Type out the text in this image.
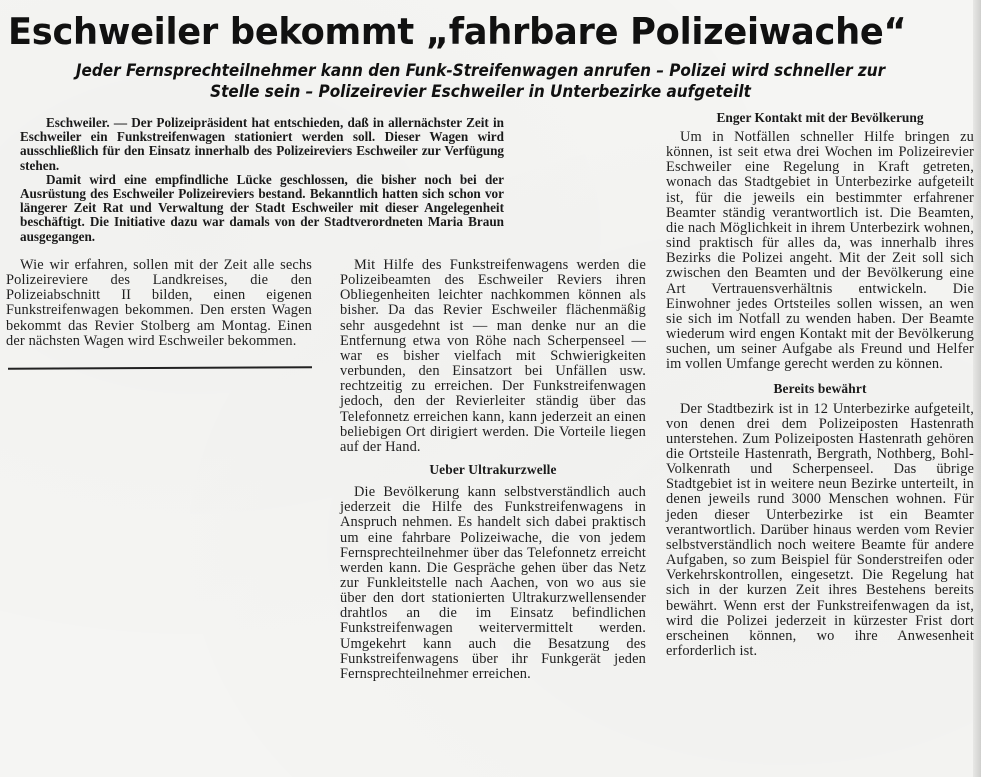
Eschweiler bekommt „fahrbare Polizeiwache“
Jeder Fernsprechteilnehmer kann den Funk-Streifenwagen anrufen – Polizei wird schneller zur
Stelle sein – Polizeirevier Eschweiler in Unterbezirke aufgeteilt

Eschweiler. — Der Polizeipräsident hat entschieden, daß in allernächster Zeit in Eschweiler ein Funkstreifenwagen stationiert werden soll. Dieser Wagen wird ausschließlich für den Einsatz innerhalb des Polizeireviers Eschweiler zur Verfügung stehen.

Damit wird eine empfindliche Lücke geschlossen, die bisher noch bei der Ausrüstung des Eschweiler Polizeireviers bestand. Bekanntlich hatten sich schon vor längerer Zeit Rat und Verwaltung der Stadt Eschweiler mit dieser Angelegenheit beschäftigt. Die Initiative dazu war damals von der Stadtverordneten Maria Braun ausgegangen.

Wie wir erfahren, sollen mit der Zeit alle sechs Polizeireviere des Landkreises, die den Polizeiabschnitt II bilden, einen eigenen Funkstreifenwagen bekommen. Den ersten Wagen bekommt das Revier Stolberg am Montag. Einen der nächsten Wagen wird Eschweiler bekommen.

Mit Hilfe des Funkstreifenwagens werden die Polizeibeamten des Eschweiler Reviers ihren Obliegenheiten leichter nachkommen können als bisher. Da das Revier Eschweiler flächenmäßig sehr ausgedehnt ist — man denke nur an die Entfernung etwa von Röhe nach Scherpenseel — war es bisher vielfach mit Schwierigkeiten verbunden, den Einsatzort bei Unfällen usw. rechtzeitig zu erreichen. Der Funkstreifenwagen jedoch, den der Revierleiter ständig über das Telefonnetz erreichen kann, kann jederzeit an einen beliebigen Ort dirigiert werden. Die Vorteile liegen auf der Hand.

Ueber Ultrakurzwelle

Die Bevölkerung kann selbstverständlich auch jederzeit die Hilfe des Funkstreifenwagens in Anspruch nehmen. Es handelt sich dabei praktisch um eine fahrbare Polizeiwache, die von jedem Fernsprechteilnehmer über das Telefonnetz erreicht werden kann. Die Gespräche gehen über das Netz zur Funkleitstelle nach Aachen, von wo aus sie über den dort stationierten Ultrakurzwellensender drahtlos an die im Einsatz befindlichen Funkstreifenwagen weitervermittelt werden. Umgekehrt kann auch die Besatzung des Funkstreifenwagens über ihr Funkgerät jeden Fernsprechteilnehmer erreichen.

Enger Kontakt mit der Bevölkerung

Um in Notfällen schneller Hilfe bringen zu können, ist seit etwa drei Wochen im Polizeirevier Eschweiler eine Regelung in Kraft getreten, wonach das Stadtgebiet in Unterbezirke aufgeteilt ist, für die jeweils ein bestimmter erfahrener Beamter ständig verantwortlich ist. Die Beamten, die nach Möglichkeit in ihrem Unterbezirk wohnen, sind praktisch für alles da, was innerhalb ihres Bezirks die Polizei angeht. Mit der Zeit soll sich zwischen den Beamten und der Bevölkerung eine Art Vertrauensverhältnis entwickeln. Die Einwohner jedes Ortsteiles sollen wissen, an wen sie sich im Notfall zu wenden haben. Der Beamte wiederum wird engen Kontakt mit der Bevölkerung suchen, um seiner Aufgabe als Freund und Helfer im vollen Umfange gerecht werden zu können.

Bereits bewährt

Der Stadtbezirk ist in 12 Unterbezirke aufgeteilt, von denen drei dem Polizeiposten Hastenrath unterstehen. Zum Polizeiposten Hastenrath gehören die Ortsteile Hastenrath, Bergrath, Nothberg, Bohl-Volkenrath und Scherpenseel. Das übrige Stadtgebiet ist in weitere neun Bezirke unterteilt, in denen jeweils rund 3000 Menschen wohnen. Für jeden dieser Unterbezirke ist ein Beamter verantwortlich. Darüber hinaus werden vom Revier selbstverständlich noch weitere Beamte für andere Aufgaben, so zum Beispiel für Sonderstreifen oder Verkehrskontrollen, eingesetzt. Die Regelung hat sich in der kurzen Zeit ihres Bestehens bereits bewährt. Wenn erst der Funkstreifenwagen da ist, wird die Polizei jederzeit in kürzester Frist dort erscheinen können, wo ihre Anwesenheit erforderlich ist.
